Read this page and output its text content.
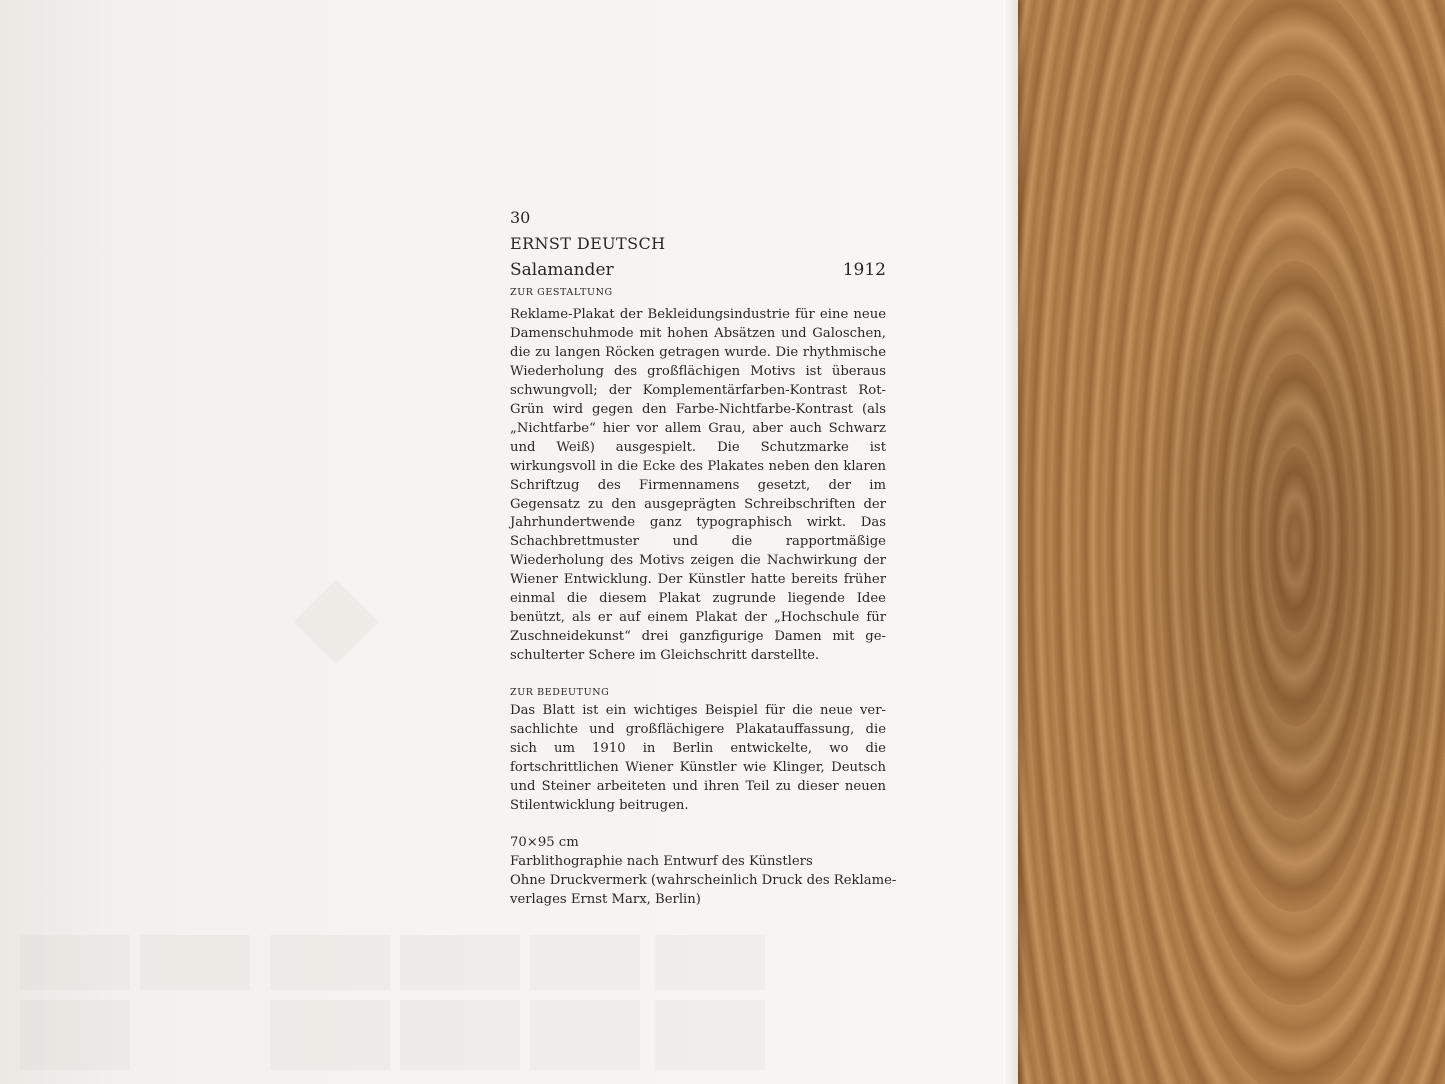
30
ERNST DEUTSCH
Salamander	1912
ZUR GESTALTUNG
Reklame-Plakat der Bekleidungsindustrie für eine neue Damenschuhmode mit hohen Absätzen und Galoschen, die zu langen Röcken getragen wurde. Die rhythmische Wiederholung des großflächigen Motivs ist überaus schwungvoll; der Komplementärfarben-Kontrast Rot-Grün wird gegen den Farbe-Nichtfarbe-Kontrast (als „Nichtfarbe“ hier vor allem Grau, aber auch Schwarz und Weiß) ausgespielt. Die Schutzmarke ist wirkungsvoll in die Ecke des Plakates neben den klaren Schriftzug des Firmennamens gesetzt, der im Gegensatz zu den ausgeprägten Schreibschriften der Jahrhundertwende ganz typographisch wirkt. Das Schachbrettmuster und die rapportmäßige Wiederholung des Motivs zeigen die Nachwirkung der Wiener Entwicklung. Der Künstler hatte bereits früher einmal die diesem Plakat zugrunde liegende Idee benützt, als er auf einem Plakat der „Hochschule für Zuschneidekunst“ drei ganzfigurige Damen mit geschulterter Schere im Gleichschritt darstellte.
ZUR BEDEUTUNG
Das Blatt ist ein wichtiges Beispiel für die neue versachlichte und großflächigere Plakatauffassung, die sich um 1910 in Berlin entwickelte, wo die fortschrittlichen Wiener Künstler wie Klinger, Deutsch und Steiner arbeiteten und ihren Teil zu dieser neuen Stilentwicklung beitrugen.
70×95 cm
Farblithographie nach Entwurf des Künstlers
Ohne Druckvermerk (wahrscheinlich Druck des Reklame-
verlages Ernst Marx, Berlin)
